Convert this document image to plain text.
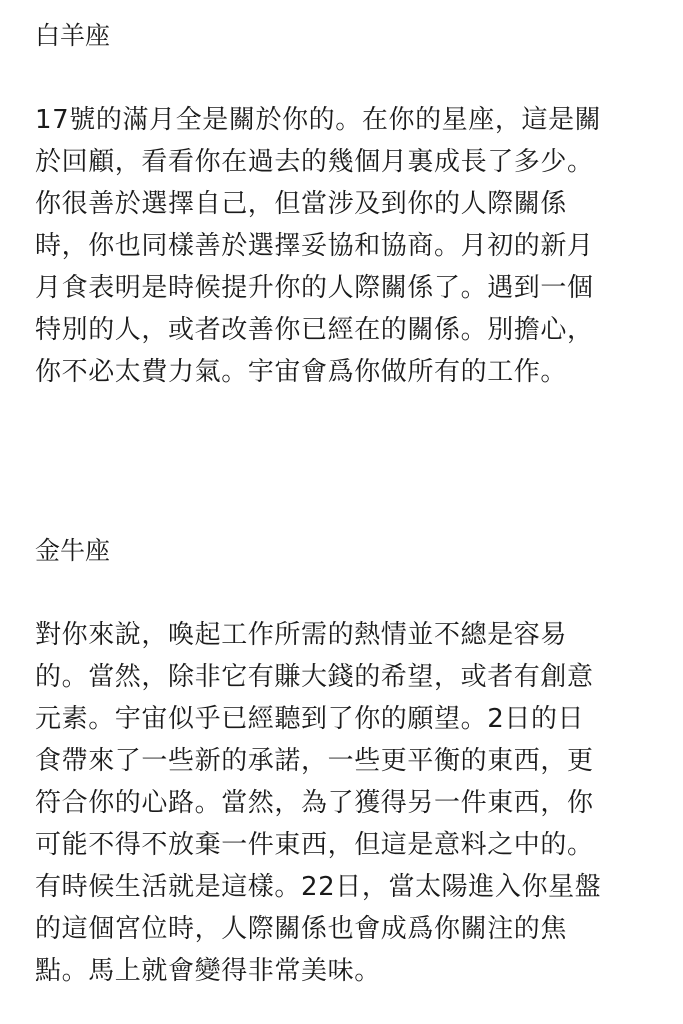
白羊座
17號的滿月全是關於你的。在你的星座，這是關
於回顧，看看你在過去的幾個月裏成長了多少。
你很善於選擇自己，但當涉及到你的人際關係
時，你也同樣善於選擇妥協和協商。月初的新月
月食表明是時候提升你的人際關係了。遇到一個
特別的人，或者改善你已經在的關係。別擔心，
你不必太費力氣。宇宙會爲你做所有的工作。
金牛座
對你來說，喚起工作所需的熱情並不總是容易
的。當然，除非它有賺大錢的希望，或者有創意
元素。宇宙似乎已經聽到了你的願望。2日的日
食帶來了一些新的承諾，一些更平衡的東西，更
符合你的心路。當然，為了獲得另一件東西，你
可能不得不放棄一件東西，但這是意料之中的。
有時候生活就是這樣。22日，當太陽進入你星盤
的這個宮位時，人際關係也會成爲你關注的焦
點。馬上就會變得非常美味。
